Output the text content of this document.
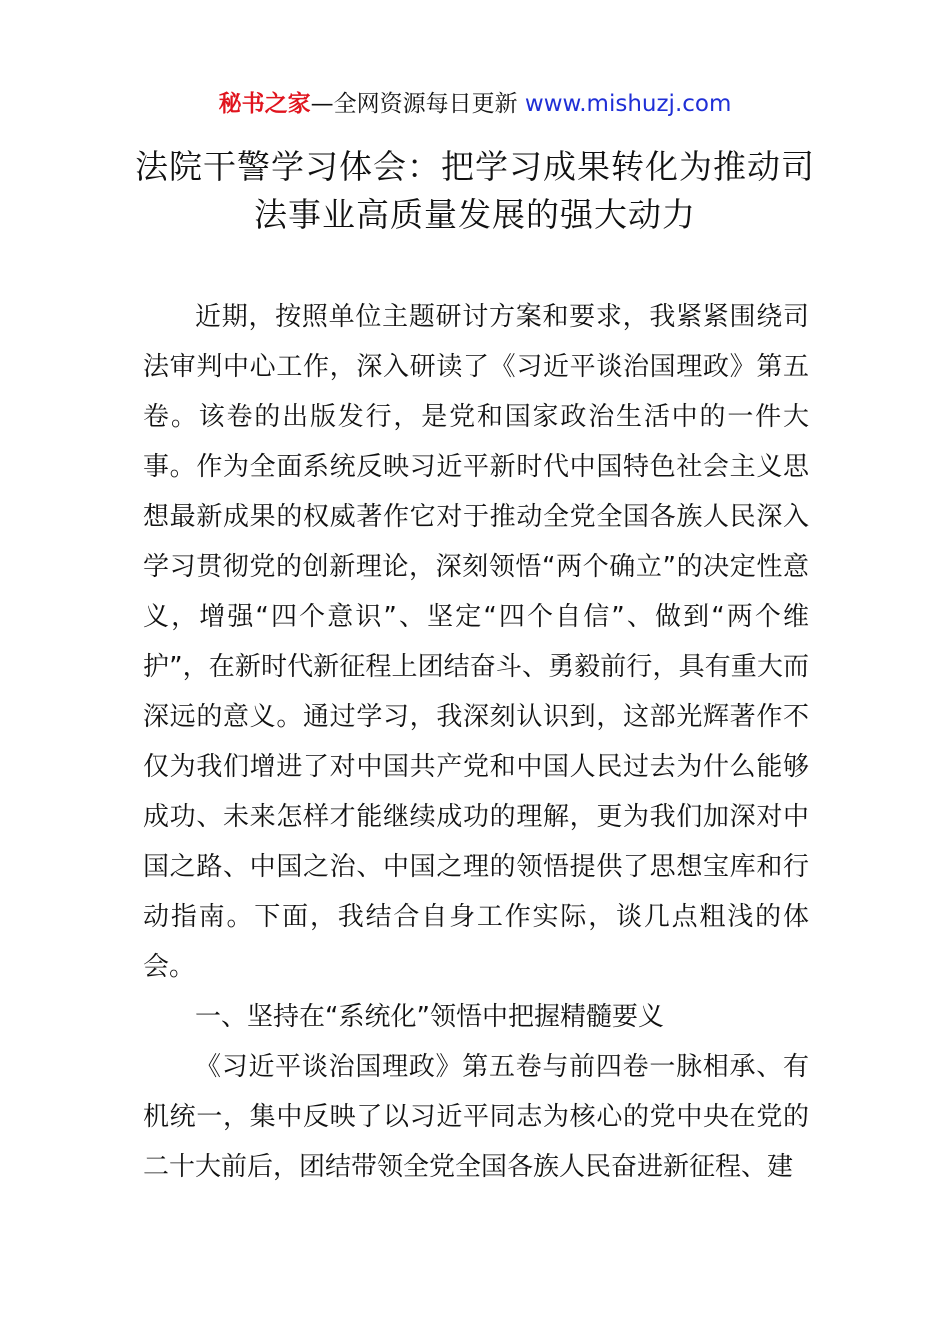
秘书之家—全网资源每日更新 www.mishuzj.com
法院干警学习体会：把学习成果转化为推动司
法事业高质量发展的强大动力

近期，按照单位主题研讨方案和要求，我紧紧围绕司法审判中心工作，深入研读了《习近平谈治国理政》第五卷。该卷的出版发行，是党和国家政治生活中的一件大事。作为全面系统反映习近平新时代中国特色社会主义思想最新成果的权威著作它对于推动全党全国各族人民深入学习贯彻党的创新理论，深刻领悟“两个确立”的决定性意义，增强“四个意识”、坚定“四个自信”、做到“两个维护”，在新时代新征程上团结奋斗、勇毅前行，具有重大而深远的意义。通过学习，我深刻认识到，这部光辉著作不仅为我们增进了对中国共产党和中国人民过去为什么能够成功、未来怎样才能继续成功的理解，更为我们加深对中国之路、中国之治、中国之理的领悟提供了思想宝库和行动指南。下面，我结合自身工作实际，谈几点粗浅的体会。

一、坚持在“系统化”领悟中把握精髓要义

《习近平谈治国理政》第五卷与前四卷一脉相承、有机统一，集中反映了以习近平同志为核心的党中央在党的二十大前后，团结带领全党全国各族人民奋进新征程、建
